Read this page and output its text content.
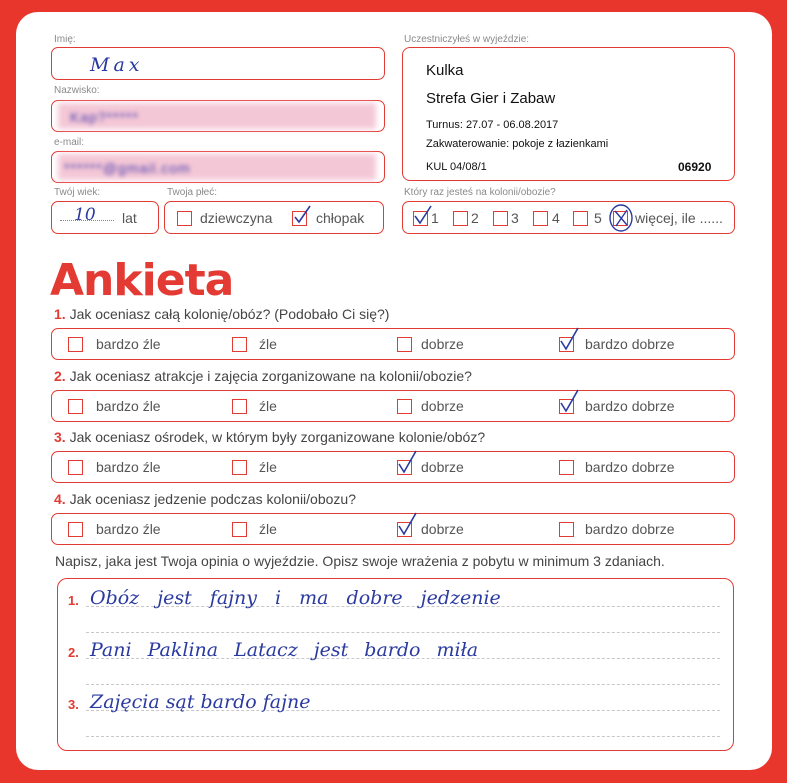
Imię:
Max
Nazwisko:
Kap?*****
e-mail:
******@gmail.com
Twój wiek:
10 lat
Twoja płeć:
dziewczyna	chłopak
Uczestniczyłeś w wyjeździe:
Kulka
Strefa Gier i Zabaw
Turnus: 27.07 - 06.08.2017
Zakwaterowanie: pokoje z łazienkami
KUL 04/08/1	06920
Który raz jesteś na kolonii/obozie?
1 2 3 4 5 więcej, ile ......
Ankieta
1. Jak oceniasz całą kolonię/obóz? (Podobało Ci się?)
bardzo źle	źle	dobrze	bardzo dobrze
2. Jak oceniasz atrakcje i zajęcia zorganizowane na kolonii/obozie?
bardzo źle	źle	dobrze	bardzo dobrze
3. Jak oceniasz ośrodek, w którym były zorganizowane kolonie/obóz?
bardzo źle	źle	dobrze	bardzo dobrze
4. Jak oceniasz jedzenie podczas kolonii/obozu?
bardzo źle	źle	dobrze	bardzo dobrze
Napisz, jaka jest Twoja opinia o wyjeździe. Opisz swoje wrażenia z pobytu w minimum 3 zdaniach.
1.
2.
3.
Obóz jest fajny i ma dobre jedzenie
Pani Paklina Latacz jest bardo miła
Zajęcia sąt bardo fajne
